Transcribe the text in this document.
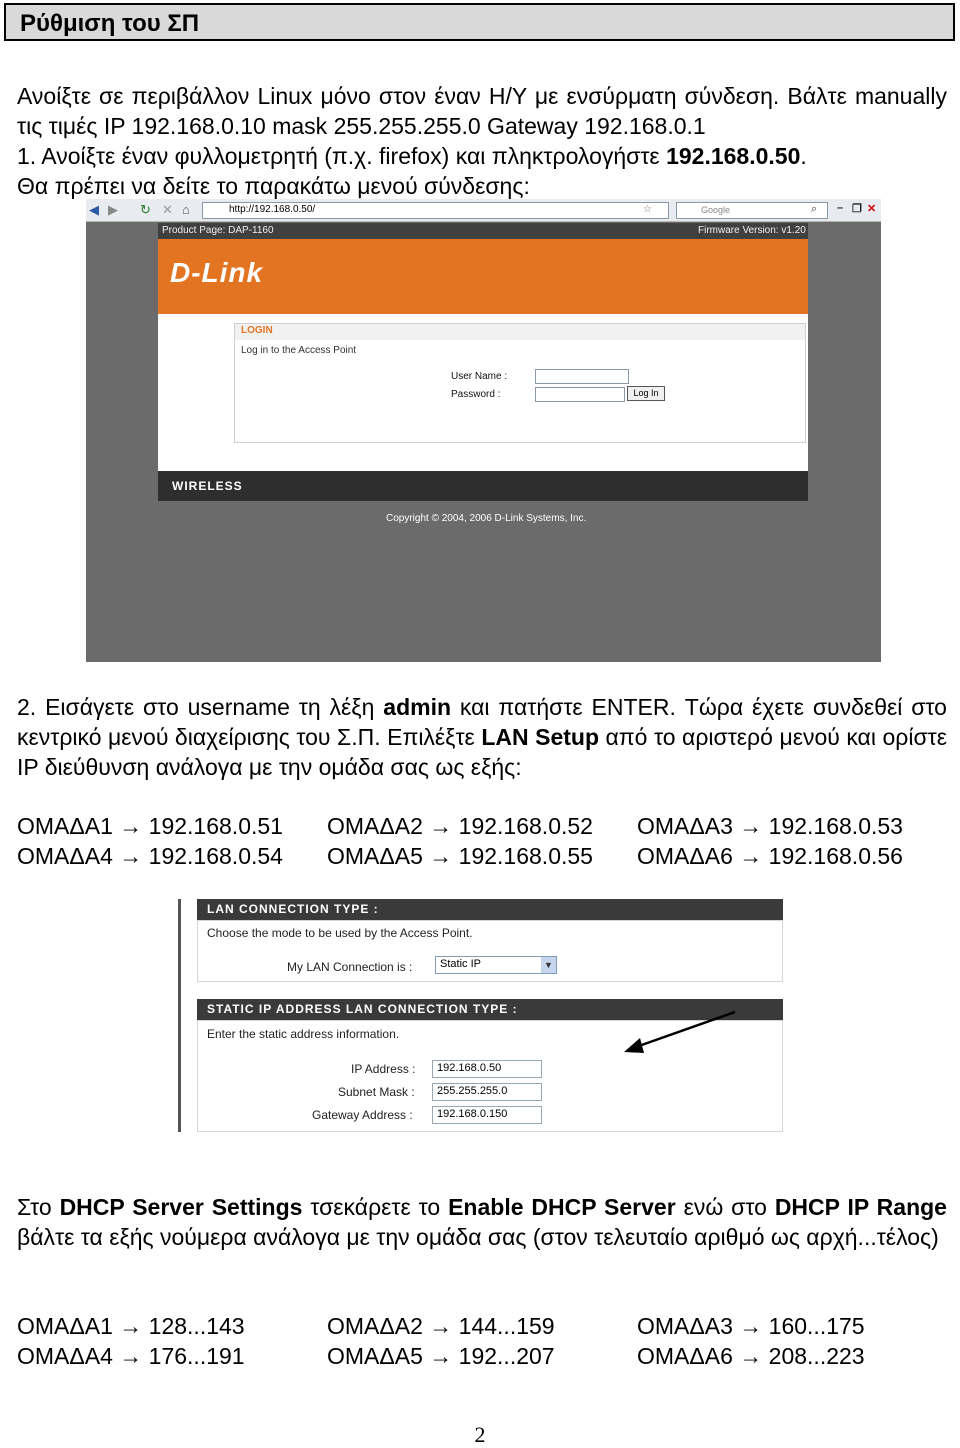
Ρύθμιση του ΣΠ
Ανοίξτε σε περιβάλλον Linux μόνο στον έναν Η/Υ με ενσύρματη σύνδεση. Βάλτε manually τις τιμές IP 192.168.0.10 mask 255.255.255.0 Gateway 192.168.0.1
1. Ανοίξτε έναν φυλλομετρητή (π.χ. firefox) και πληκτρολογήστε 192.168.0.50.
Θα πρέπει να δείτε το παρακάτω μενού σύνδεσης:
◀ ▶ ↻ ✕ ⌂	http://192.168.0.50/	☆	Google	⌕ – ❐ ✕
Product Page: DAP-1160	Firmware Version: v1.20
D-Link
LOGIN
Log in to the Access Point
User Name :
Password :	Log In
WIRELESS
Copyright © 2004, 2006 D-Link Systems, Inc.
2. Εισάγετε στο username τη λέξη admin και πατήστε ENTER. Τώρα έχετε συνδεθεί στο κεντρικό μενού διαχείρισης του Σ.Π. Επιλέξτε LAN Setup από το αριστερό μενού και ορίστε IP διεύθυνση ανάλογα με την ομάδα σας ως εξής:
ΟΜΑΔΑ1 → 192.168.0.51 ΟΜΑΔΑ2 → 192.168.0.52 ΟΜΑΔΑ3 → 192.168.0.53
ΟΜΑΔΑ4 → 192.168.0.54 ΟΜΑΔΑ5 → 192.168.0.55 ΟΜΑΔΑ6 → 192.168.0.56
LAN CONNECTION TYPE :
Choose the mode to be used by the Access Point.
My LAN Connection is :	Static IP	▼
STATIC IP ADDRESS LAN CONNECTION TYPE :
Enter the static address information.
IP Address : 192.168.0.50
Subnet Mask : 255.255.255.0
Gateway Address : 192.168.0.150
Στο DHCP Server Settings τσεκάρετε το Enable DHCP Server ενώ στο DHCP IP Range βάλτε τα εξής νούμερα ανάλογα με την ομάδα σας (στον τελευταίο αριθμό ως αρχή...τέλος)
ΟΜΑΔΑ1 → 128...143	ΟΜΑΔΑ2 → 144...159	ΟΜΑΔΑ3 → 160...175
ΟΜΑΔΑ4 → 176...191	ΟΜΑΔΑ5 → 192...207	ΟΜΑΔΑ6 → 208...223
2
